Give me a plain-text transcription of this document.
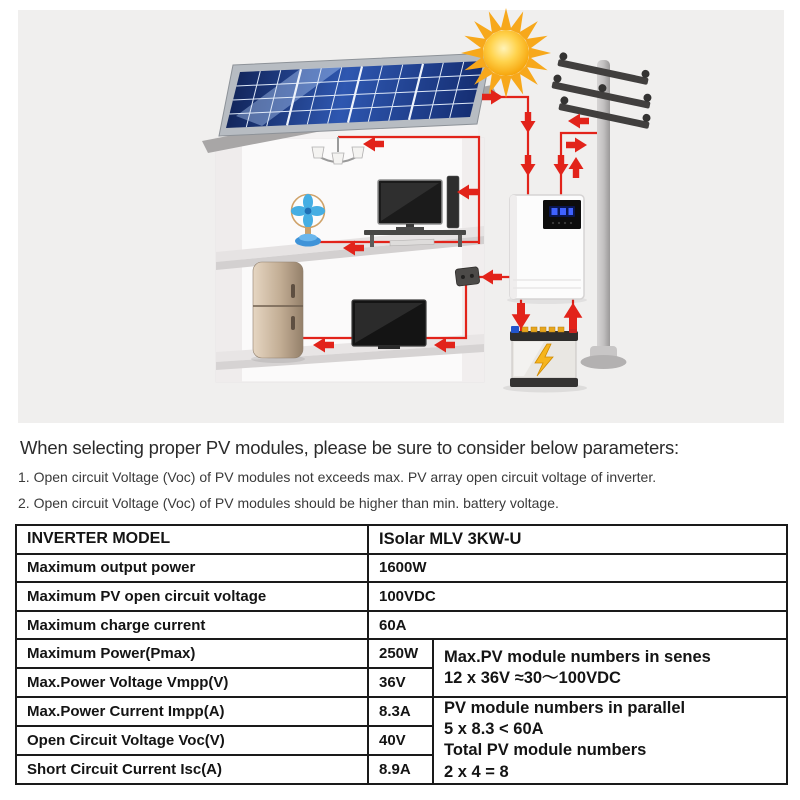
When selecting proper PV modules, please be sure to consider below parameters:
1. Open circuit Voltage (Voc) of PV modules not exceeds max. PV array open circuit voltage of inverter.
2. Open circuit Voltage (Voc) of PV modules should be higher than min. battery voltage.
INVERTER MODEL	ISolar MLV 3KW-U	
Maximum output power	1600W	
Maximum PV open circuit voltage	100VDC	
Maximum charge current	60A	
Maximum Power(Pmax)	250W	Max.PV module numbers in senes
12 x 36V ≈30～100VDC

Max.Power Voltage Vmpp(V)	36V	
Max.Power Current Impp(A)	8.3A	PV module numbers in parallel
5 x 8.3 < 60A
Total PV module numbers
2 x 4 = 8

Open Circuit Voltage Voc(V)	40V	
Short Circuit Current Isc(A)	8.9A	
